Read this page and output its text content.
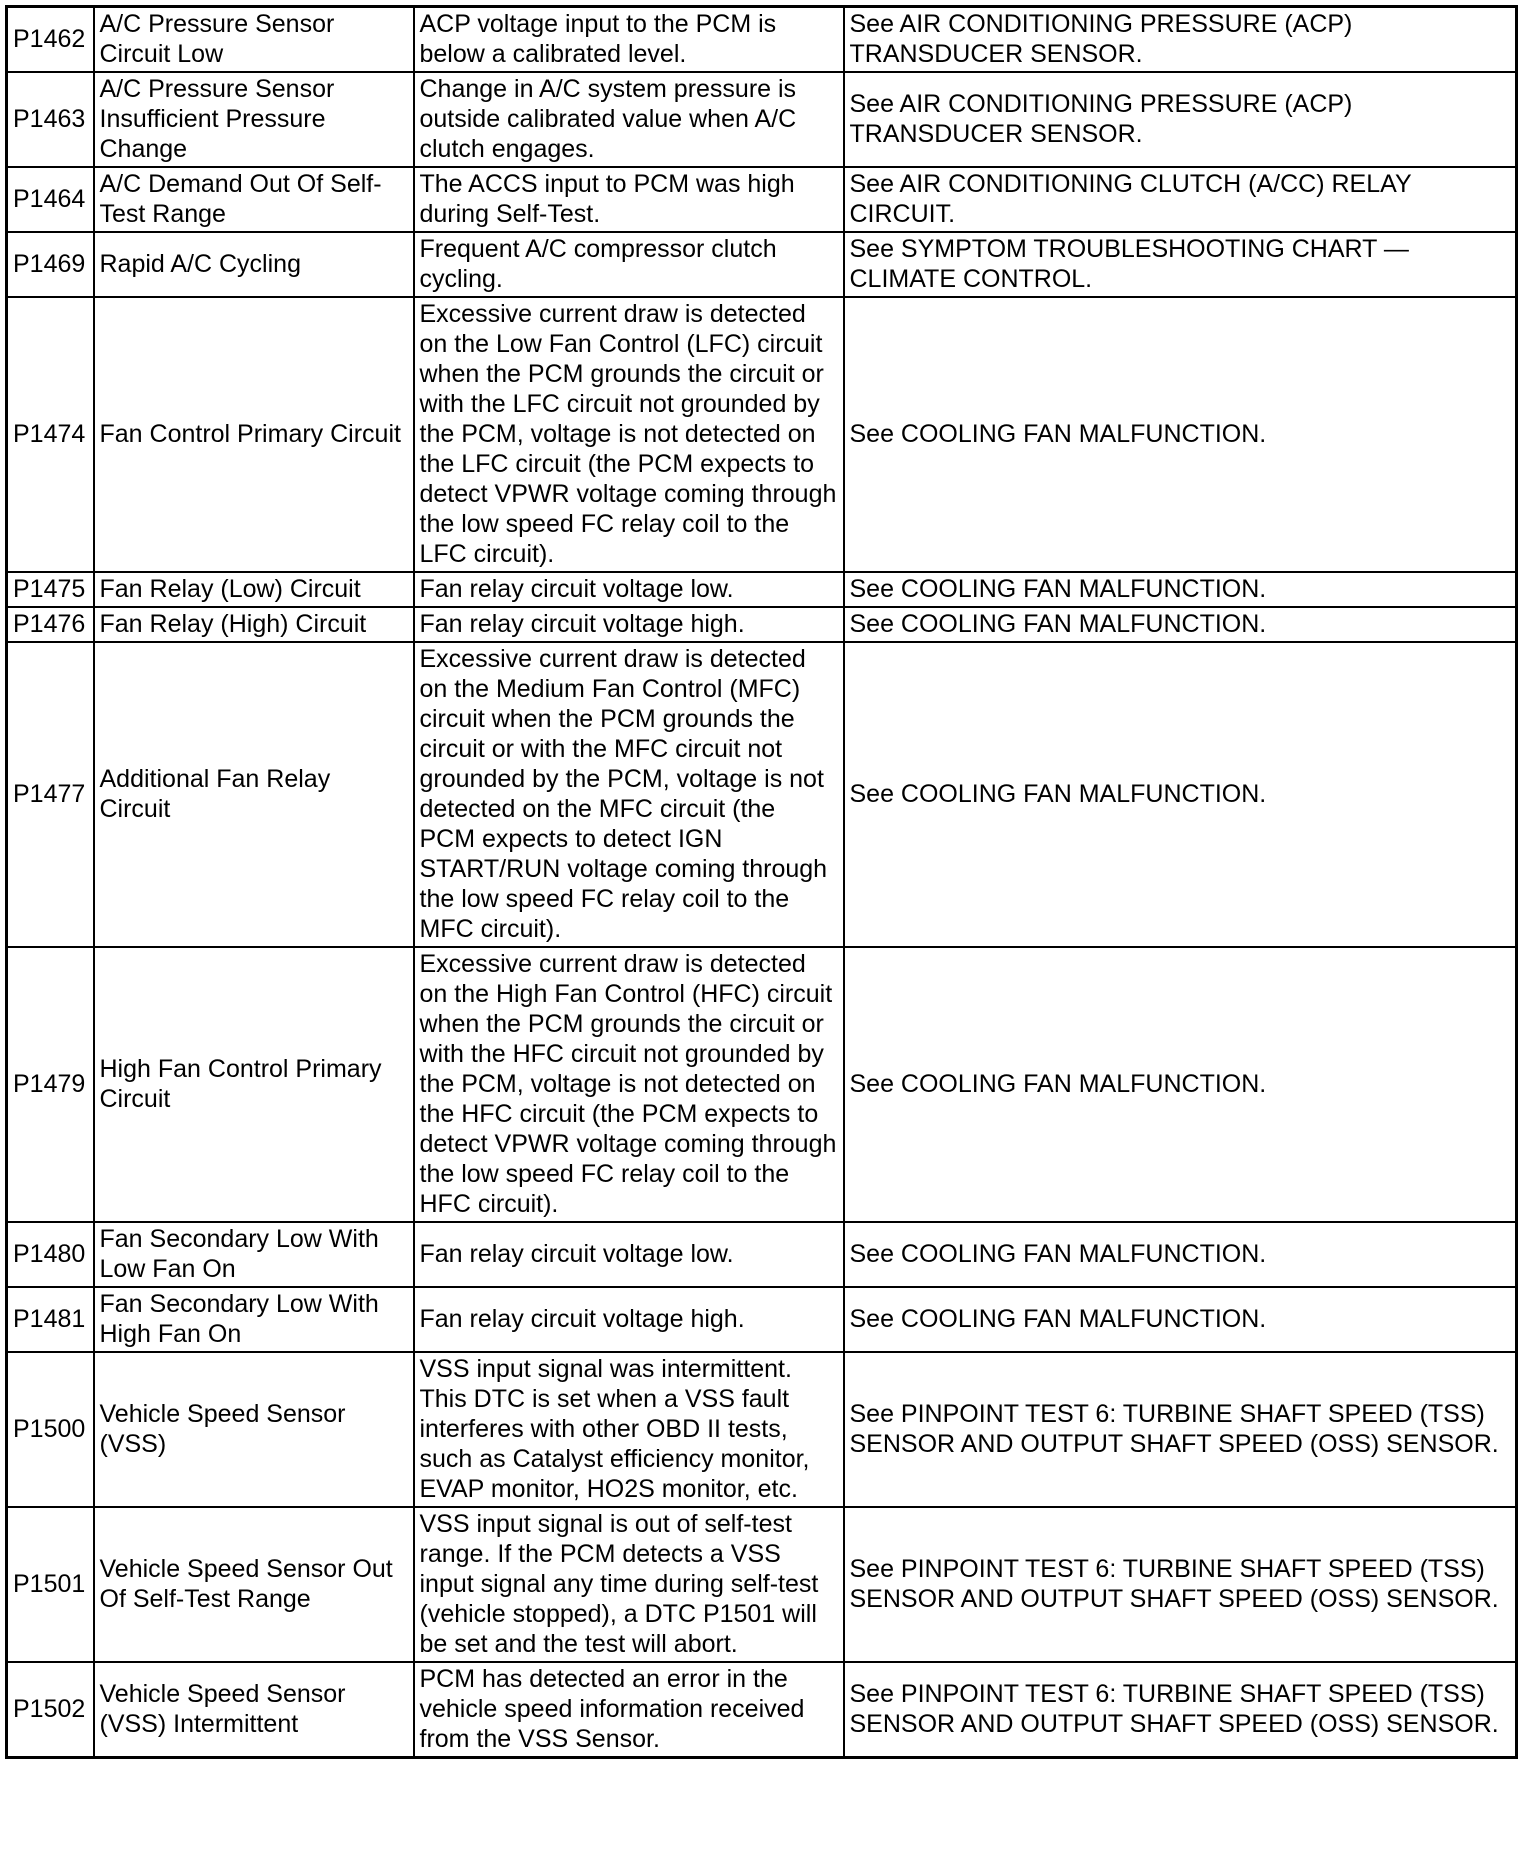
P1462	A/C Pressure Sensor Circuit Low	ACP voltage input to the PCM is below a calibrated level.	See AIR CONDITIONING PRESSURE (ACP) TRANSDUCER SENSOR.
P1463	A/C Pressure Sensor Insufficient Pressure Change	Change in A/C system pressure is outside calibrated value when A/C clutch engages.	See AIR CONDITIONING PRESSURE (ACP) TRANSDUCER SENSOR.
P1464	A/C Demand Out Of Self-Test Range	The ACCS input to PCM was high during Self-Test.	See AIR CONDITIONING CLUTCH (A/CC) RELAY CIRCUIT.
P1469	Rapid A/C Cycling	Frequent A/C compressor clutch cycling.	See SYMPTOM TROUBLESHOOTING CHART — CLIMATE CONTROL.
P1474	Fan Control Primary Circuit	Excessive current draw is detected on the Low Fan Control (LFC) circuit when the PCM grounds the circuit or with the LFC circuit not grounded by the PCM, voltage is not detected on the LFC circuit (the PCM expects to detect VPWR voltage coming through the low speed FC relay coil to the LFC circuit).	See COOLING FAN MALFUNCTION.
P1475	Fan Relay (Low) Circuit	Fan relay circuit voltage low.	See COOLING FAN MALFUNCTION.
P1476	Fan Relay (High) Circuit	Fan relay circuit voltage high.	See COOLING FAN MALFUNCTION.
P1477	Additional Fan Relay Circuit	Excessive current draw is detected on the Medium Fan Control (MFC) circuit when the PCM grounds the circuit or with the MFC circuit not grounded by the PCM, voltage is not detected on the MFC circuit (the PCM expects to detect IGN START/RUN voltage coming through the low speed FC relay coil to the MFC circuit).	See COOLING FAN MALFUNCTION.
P1479	High Fan Control Primary Circuit	Excessive current draw is detected on the High Fan Control (HFC) circuit when the PCM grounds the circuit or with the HFC circuit not grounded by the PCM, voltage is not detected on the HFC circuit (the PCM expects to detect VPWR voltage coming through the low speed FC relay coil to the HFC circuit).	See COOLING FAN MALFUNCTION.
P1480	Fan Secondary Low With Low Fan On	Fan relay circuit voltage low.	See COOLING FAN MALFUNCTION.
P1481	Fan Secondary Low With High Fan On	Fan relay circuit voltage high.	See COOLING FAN MALFUNCTION.
P1500	Vehicle Speed Sensor (VSS)	VSS input signal was intermittent. This DTC is set when a VSS fault interferes with other OBD II tests, such as Catalyst efficiency monitor, EVAP monitor, HO2S monitor, etc.	See PINPOINT TEST 6: TURBINE SHAFT SPEED (TSS) SENSOR AND OUTPUT SHAFT SPEED (OSS) SENSOR.
P1501	Vehicle Speed Sensor Out Of Self-Test Range	VSS input signal is out of self-test range. If the PCM detects a VSS input signal any time during self-test (vehicle stopped), a DTC P1501 will be set and the test will abort.	See PINPOINT TEST 6: TURBINE SHAFT SPEED (TSS) SENSOR AND OUTPUT SHAFT SPEED (OSS) SENSOR.
P1502	Vehicle Speed Sensor (VSS) Intermittent	PCM has detected an error in the vehicle speed information received from the VSS Sensor.	See PINPOINT TEST 6: TURBINE SHAFT SPEED (TSS) SENSOR AND OUTPUT SHAFT SPEED (OSS) SENSOR.
